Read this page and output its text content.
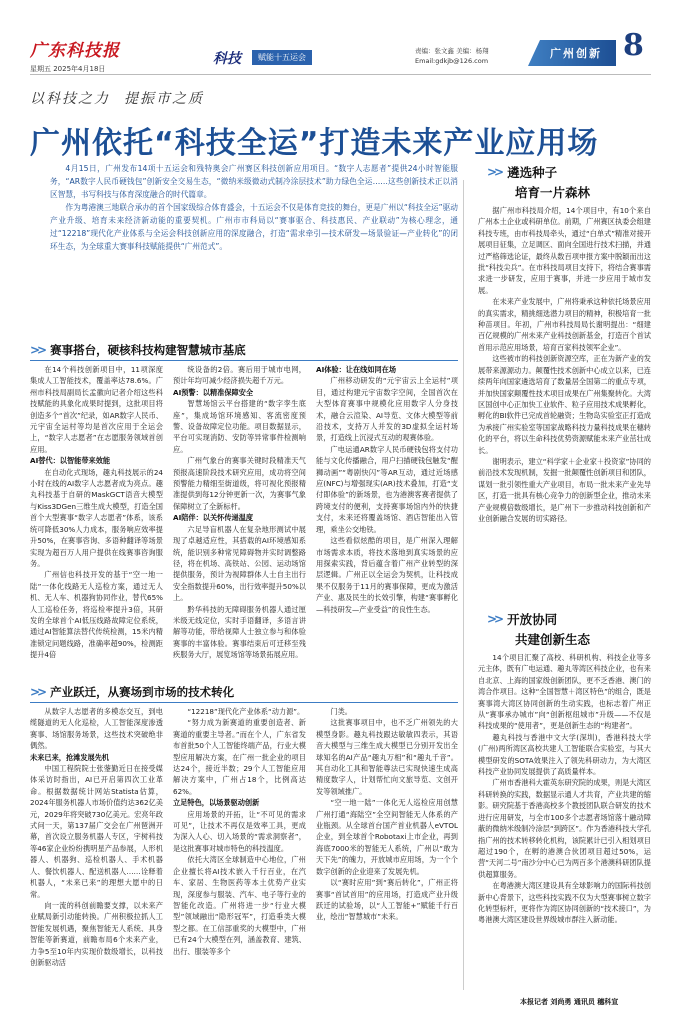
广东科技报
星期五 2025年4月18日
科技	赋能十五运会
责编：张文鑫 美编：杨翔
Email:gdkjb@126.com
广州创新 8
以科技之力 提振市之质
广州依托“科技全运”打造未来产业应用场

4月15日，广州发布14项十五运会和残特奥会广州赛区科技创新应用项目。“数字人志愿者”提供24小时智能服务，“AR数字人民币硬钱包”创新安全交易生态，“微纳米级微动式制冷涂层技术”助力绿色全运……这些创新技术正以消区智慧，书写科技与体育深度融合的时代篇章。

作为粤港澳三地联合承办的首个国家级综合体育盛会，十五运会不仅是体育竞技的舞台，更是广州以“科技全运”驱动产业升级、培育未来经济新动能的重要契机。广州市市科局以“赛事驱合、科技惠民、产业联动”为核心理念，通过“12218”现代化产业体系与全运会科技创新应用的深度融合，打造“需求牵引—技术研发—场景验证—产业转化”的闭环生态，为全球重大赛事科技赋能提供“广州范式”。

>> 赛事搭台，硬核科技构建智慧城市基底

在14个科技创新项目中，11项深度集成人工智能技术，覆盖率达78.6%。广州市科技局副局长孟徽向记者介绍这些科技赋能的具象化成果时提到，这批项目将创造多个“首次”纪录，如AR数字人民币、元宇宙全运村等均是首次应用于全运会上，“数字人志愿者”在志愿服务领域首创应用。

AI替代：以智能带来效能

在自动化式现场，趣丸科技展示的24小时在线的AI数字人志愿者成为亮点。趣丸科技基于自研的MaskGCT语音大模型与Kiss3DGen三维生成大模型，打造全国首个大型赛事“数字人志愿者”体系，该系统可降低30%人力成本，服务响应效率提升50%，在赛事咨询、多语种翻译等场景实现为超百万人用户提供在线赛事咨询服务。

广州信也科技开发的基于“空一地一陆”一体化线路无人巡检方案，通过无人机、无人车、机器狗协同作业，替代65%人工巡检任务，将巡检率提升3倍，其研发的全球首个AI低压线路故障定位系统，通过AI智能算法替代传统检测，15米内精准锁定问题线路，准确率超90%，检测距提升4倍

统设备的2倍。赛后用于城市电网，预计年均可减少经济损失超千万元。

AI预警：以精准保障安全

智慧场馆云平台搭建的“数字孪生底座”，集成场馆环境感知、客流密度预警、设备故障定位功能。项目数据显示，平台可实现消防、安防等异常事件检测响应。

广州气象台的赛事关键时段精准天气预报高速阶段技术研究应用，成功将空间预警能力精细至街道级，将可视化预报精准提供到每12分钟更新一次，为赛事气象保障树立了全新标杆。

AI陪伴：以关怀传递温度

六足导盲机器人在复杂地形测试中展现了卓越适应性，其搭载的AI环境感知系统，能识别多种常见障碍物并实时调整路径，将在机场、高铁站、公园、运动场馆提供服务，预计为视障群体人士自主出行安全指数提升60%，出行效率提升50%以上。

黔华科技的无障碍服务机器人通过厘米级无线定位，实时手语翻译，多语言讲解等功能，带给视障人士独立参与和体验赛事的丰富体验。赛事结束后可迁移至残疾服务大厅，展览场馆等场景拓展应用。

AI体验：让在线如同在场

广州移动研发的“元宇宙云上全运村”项目，通过构建元宇宙数字空间，全国首次在大型体育赛事中规模化应用数字人分身技术，融合云渲染、AI导览、文体大模型等前沿技术，支持万人并发的3D虚拟全运村场景，打造线上沉浸式互动的观赛体验。

广电运通AR数字人民币硬钱包将支付功能与文化传播融合，用户扫描硬钱包触发“醒狮动画”“粤剧快闪”等AR互动，通过近场感应(NFC)与增强现实(AR)技术叠加，打造“支付即体验”的新场景，也为港澳客赛者提供了跨境支付的便利，支持赛事场馆内外的快捷支付，未来还将覆盖场馆、酒店智能出入管理，乘坐公交地铁。

这些看似炫酷的项目，是广州深入理解市场需求本质，将技术落地到真实场景的应用探索实践，背后蕴含着广州产业转型的深层逻辑。广州正以全运会为契机，让科技成果不仅服务于11月的赛事保障，更成为激活产业、惠及民生的长效引擎，构建“赛事孵化—科技研发—产业受益”的良性生态。

>> 产业跃迁，从赛场到市场的技术转化

从数字人志愿者的多模态交互，到电缆隧道的无人化巡检，人工智能深度渗透赛事、场馆服务场景，这些技术突破绝非偶然。

未来已来，抢滩发展先机

中国工程院院士张蓥勤近日在接受媒体采访时指出，AI已开启第四次工业革命。根据数据统计网站Statista估算，2024年服务机器人市场价值约达362亿美元，2029年将突破730亿美元。宏亮年政式问一天，第137届广交会在广州琶洲开幕，首次设立服务机器人专区，宇树科技等46家企业纷纷携明星产品参展，人形机器人、机器狗、巡检机器人、手术机器人、餐饮机器人、配送机器人……诠释着机器人，“未来已来”的理想大愿中的日常。

向一流的科创前瞻要支撑，以未来产业赋局新引动能转换。广州积极拉抓人工智能发展机遇，聚焦智能无人系统、具身智能等新赛道，前瞻布局6个未来产业，力争5至10年内实现价数级增长，以科技创新驱动活

“12218”现代化产业体系“动力源”。

“努力成为新赛道的重要创造者、新赛道的重要主导者。”而在个人，广东省发布首批50个人工智能终端产品，行业大模型应用解决方案，在广州一批企业的项目达24个，接近半数；29个人工智能应用解决方案中，广州占18个，比例高达62%。

立足特色，以场景驱动创新

应用场景的开拓，让“不可见的需求可见”，让技术不再仅是效率工具，更成为深入人心、切入场景的“需求洞察者”，是这批赛事对城市特色的科技温度。

依托大湾区全球制造中心地位，广州企业擅长将AI技术嵌入千行百业，在汽车、家居、生物医药等本土优势产业实现，深度参与服装、汽车、电子等行业的智能化改造。广州将进一步“行业大模型”领域融出“隐形冠军”，打造垂类大模型之都。在工信部重奖的大模型中，广州已有24个大模型在列，涵盖教育、建筑、出行、服装等多个

门类。

这批赛事项目中，也不乏广州领先的大模型身影。趣丸科技跟达敏敏四表示，其语音大模型与三维生成大模型已分别开发出全球知名的AI产品“趣丸万相”和“趣丸千音”。其自动化工具和智能尊法已实现快速生成高精度数字人，计划帮忙向文旅导览、文创开发等领域推广。

“空一地一陆”一体化无人巡检应用创慧广州打通“海陆空”全空间智能无人体系的产业瓶颈。从全球首台国产首业机器人eVTOL企业，到全球首个Robotaxi上市企业，再到海底7000米的智能无人系统，广州以“敢为天下先”的魄力，开放城市应用场，为一个个数字创新的企业迎来了发展先机。

以“赛时应用”到“赛后转化”，广州正将赛事“首试首用”的应用场，打造成产业升级跃迁的试验场，以“人工智能+”赋能千行百业，绘出“智慧城市”未来。

>> 遴选种子
培育一片森林

据广州市科技局介绍，14个项目中，有10个来自广州本土企业或科研单位。前期，广州赛区执委会组建科技专班，由市科技局牵头，通过“白单式”精准对接开展项目征集，立足调区、面向全国进行技术扫描，并通过严格筛选论证，最终从数百项申报方案中脱颖而出这批“科技尖兵”。在市科技局项目支持下，将结合赛事需求进一步研发，应用于赛事，并进一步应用于城市发展。

在未来产业发展中，广州将秉承这种依托场景应用的真实需求，精挑细选潜力项目的精神，积极培育一批种苗项目。年初，广州市科技局局长谢明提出：“细建百亿规模的广州未来产业科技创新基金，打造百个首试首用示范应用场景，培育百家科技领军企业”。

这些被市的科技创新资源空库，正在为新产业的发展带来源源动力。颠覆性技术创新中心成立以来，已连续两年向国家遴选培育了数量居全国第二的重点专项，并加快国家颠覆性技术项目成果在广州集聚转化。大湾区国创中心正加快工业软件、粒子应用技术成果孵化，孵化的BI软件已完成首轮融资；生物岛实验室正打造成为承接广州实验室等国家战略科技力量科技成果在穗转化的平台，将以生命科技优势资源赋能未来产业茁壮成长。

谢明表示，建立“科学家＋企业家＋投资家”协同的前沿技术发现机制，发掘一批颠覆性创新项目和团队，谋划一批引领性重大产业项目，布局一批未来产业先导区，打造一批具有核心竞争力的创新型企业，推动未来产业规模倍数级增长，是广州下一步推动科技创新和产业创新融合发展的切实路径。

>> 开放协同
共建创新生态

14个项目汇聚了高校、科研机构、科技企业等多元主体，既有广电运通、趣丸等湾区科技企业，也有来自北京、上海的国家级创新团队，更不乏香港、澳门的湾合作项目。这种“全国智慧＋湾区特色”的组合，既是赛事湾大湾区协同创新的生动实践，也标志着广州正从“赛事承办城市”向“创新枢纽城市”升级——不仅是科技成果的“使用者”，更是创新生态的“构建者”。

趣丸科技与香港中文大学(深圳)，香港科技大学(广州)两所湾区高校共建人工智能联合实验室，与其大模型研发的SOTA效果注入了领先科研动力，为大湾区科技产业协同发展提供了高质量样本。

广州市香港科大霍英东研究院的成果，则是大湾区科研转换的实践，数据显示通人才共育，产业共建的缩影。研究院基于香港高校多个教授团队联合研发的技术进行应用研发，与全市100多个志愿者场馆落十融动障蔽的微纳米级制冷涂层“到跨区”。作为香港科技大学孔指广州的技术转移转化机构，该院累计已引入相划项目超过190个，在孵的港澳合伙团项目超过50%，运营“天河二号”南沙分中心已为两百多个港澳科研团队提供超算服务。

在粤港澳大湾区建设具有全球影响力的国际科技创新中心背景下，这些科技实践不仅为大型赛事树立数字化转型标杆，更将作为湾区协同创新的“技术接口”，为粤港澳大湾区建设世界级城市群注入新动能。

本报记者 刘尚勇 通讯员 穗科宣
